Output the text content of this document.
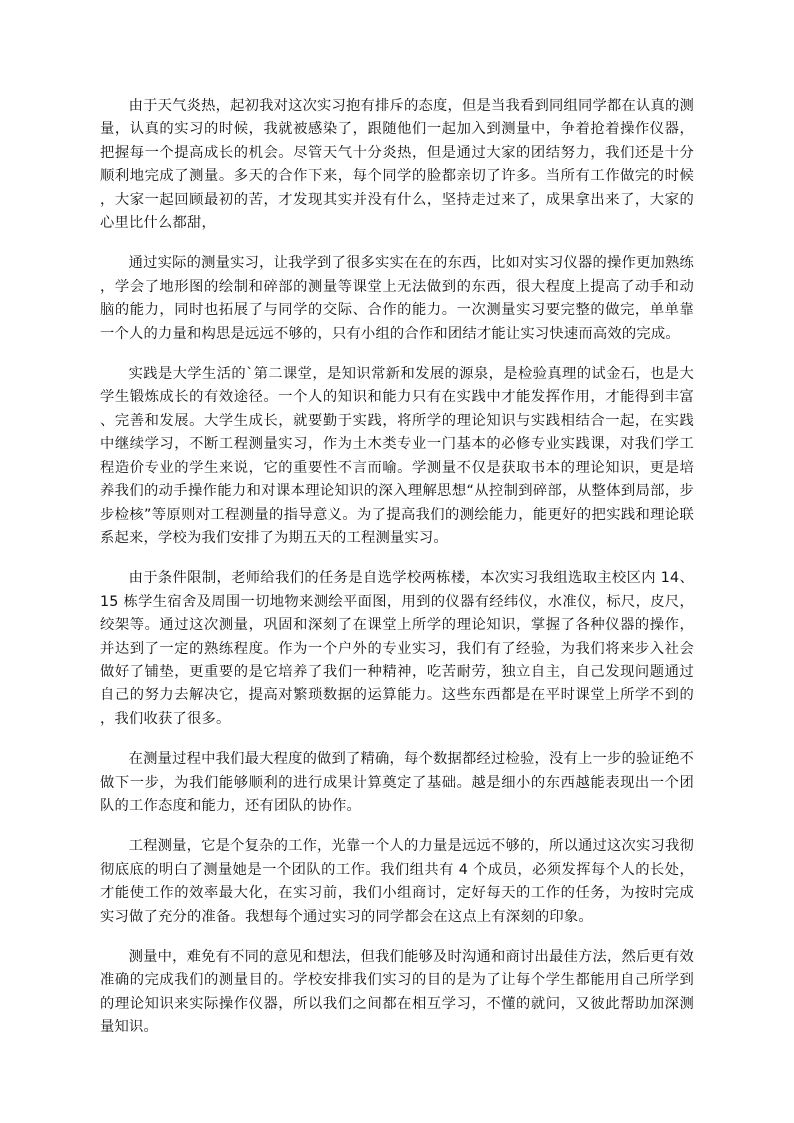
由于天气炎热，起初我对这次实习抱有排斥的态度，但是当我看到同组同学都在认真的测量，认真的实习的时候，我就被感染了，跟随他们一起加入到测量中，争着抢着操作仪器，把握每一个提高成长的机会。尽管天气十分炎热，但是通过大家的团结努力，我们还是十分顺利地完成了测量。多天的合作下来，每个同学的脸都亲切了许多。当所有工作做完的时候，大家一起回顾最初的苦，才发现其实并没有什么，坚持走过来了，成果拿出来了，大家的心里比什么都甜，

通过实际的测量实习，让我学到了很多实实在在的东西，比如对实习仪器的操作更加熟练，学会了地形图的绘制和碎部的测量等课堂上无法做到的东西，很大程度上提高了动手和动脑的能力，同时也拓展了与同学的交际、合作的能力。一次测量实习要完整的做完，单单靠一个人的力量和构思是远远不够的，只有小组的合作和团结才能让实习快速而高效的完成。

实践是大学生活的`第二课堂，是知识常新和发展的源泉，是检验真理的试金石，也是大学生锻炼成长的有效途径。一个人的知识和能力只有在实践中才能发挥作用，才能得到丰富、完善和发展。大学生成长，就要勤于实践，将所学的理论知识与实践相结合一起，在实践中继续学习，不断工程测量实习，作为土木类专业一门基本的必修专业实践课，对我们学工程造价专业的学生来说，它的重要性不言而喻。学测量不仅是获取书本的理论知识，更是培养我们的动手操作能力和对课本理论知识的深入理解思想“从控制到碎部，从整体到局部，步步检核”等原则对工程测量的指导意义。为了提高我们的测绘能力，能更好的把实践和理论联系起来，学校为我们安排了为期五天的工程测量实习。

由于条件限制，老师给我们的任务是自选学校两栋楼，本次实习我组选取主校区内 14、15 栋学生宿舍及周围一切地物来测绘平面图，用到的仪器有经纬仪，水准仪，标尺，皮尺，绞架等。通过这次测量，巩固和深刻了在课堂上所学的理论知识，掌握了各种仪器的操作，并达到了一定的熟练程度。作为一个户外的专业实习，我们有了经验，为我们将来步入社会做好了铺垫，更重要的是它培养了我们一种精神，吃苦耐劳，独立自主，自己发现问题通过自己的努力去解决它，提高对繁琐数据的运算能力。这些东西都是在平时课堂上所学不到的，我们收获了很多。

在测量过程中我们最大程度的做到了精确，每个数据都经过检验，没有上一步的验证绝不做下一步，为我们能够顺利的进行成果计算奠定了基础。越是细小的东西越能表现出一个团队的工作态度和能力，还有团队的协作。

工程测量，它是个复杂的工作，光靠一个人的力量是远远不够的，所以通过这次实习我彻彻底底的明白了测量她是一个团队的工作。我们组共有 4 个成员，必须发挥每个人的长处，才能使工作的效率最大化，在实习前，我们小组商讨，定好每天的工作的任务，为按时完成实习做了充分的准备。我想每个通过实习的同学都会在这点上有深刻的印象。

测量中，难免有不同的意见和想法，但我们能够及时沟通和商讨出最佳方法，然后更有效准确的完成我们的测量目的。学校安排我们实习的目的是为了让每个学生都能用自己所学到的理论知识来实际操作仪器，所以我们之间都在相互学习，不懂的就问，又彼此帮助加深测量知识。
